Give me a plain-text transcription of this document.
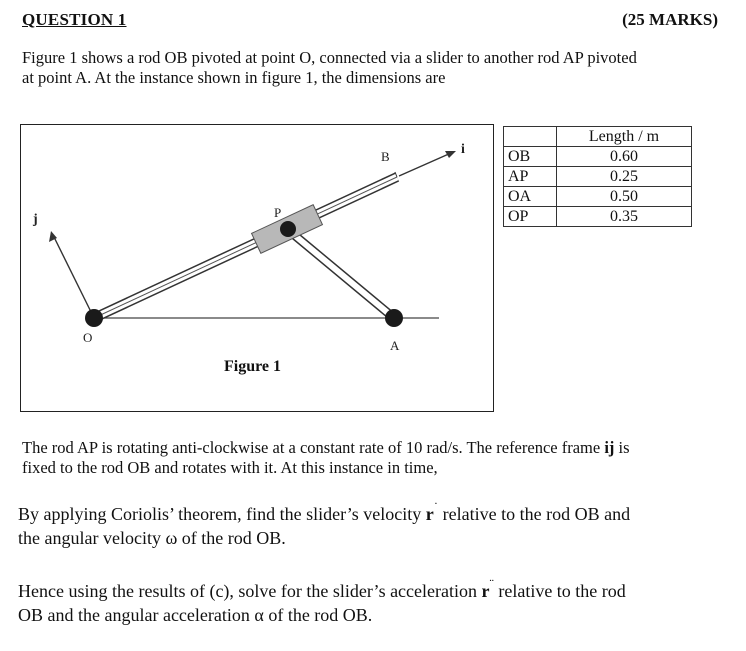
QUESTION 1	(25 MARKS)
Figure 1 shows a rod OB pivoted at point O, connected via a slider to another rod AP pivoted
at point A. At the instance shown in figure 1, the dimensions are
O
A
B
P
i
j
Figure 1
	Length / m
OB	0.60
AP	0.25
OA	0.50
OP	0.35
The rod AP is rotating anti-clockwise at a constant rate of 10 rad/s. The reference frame ij is
fixed to the rod OB and rotates with it. At this instance in time,
By applying Coriolis’ theorem, find the slider’s velocity r˙ relative to the rod OB and
the angular velocity ω of the rod OB.
Hence using the results of (c), solve for the slider’s acceleration r¨ relative to the rod
OB and the angular acceleration α of the rod OB.
